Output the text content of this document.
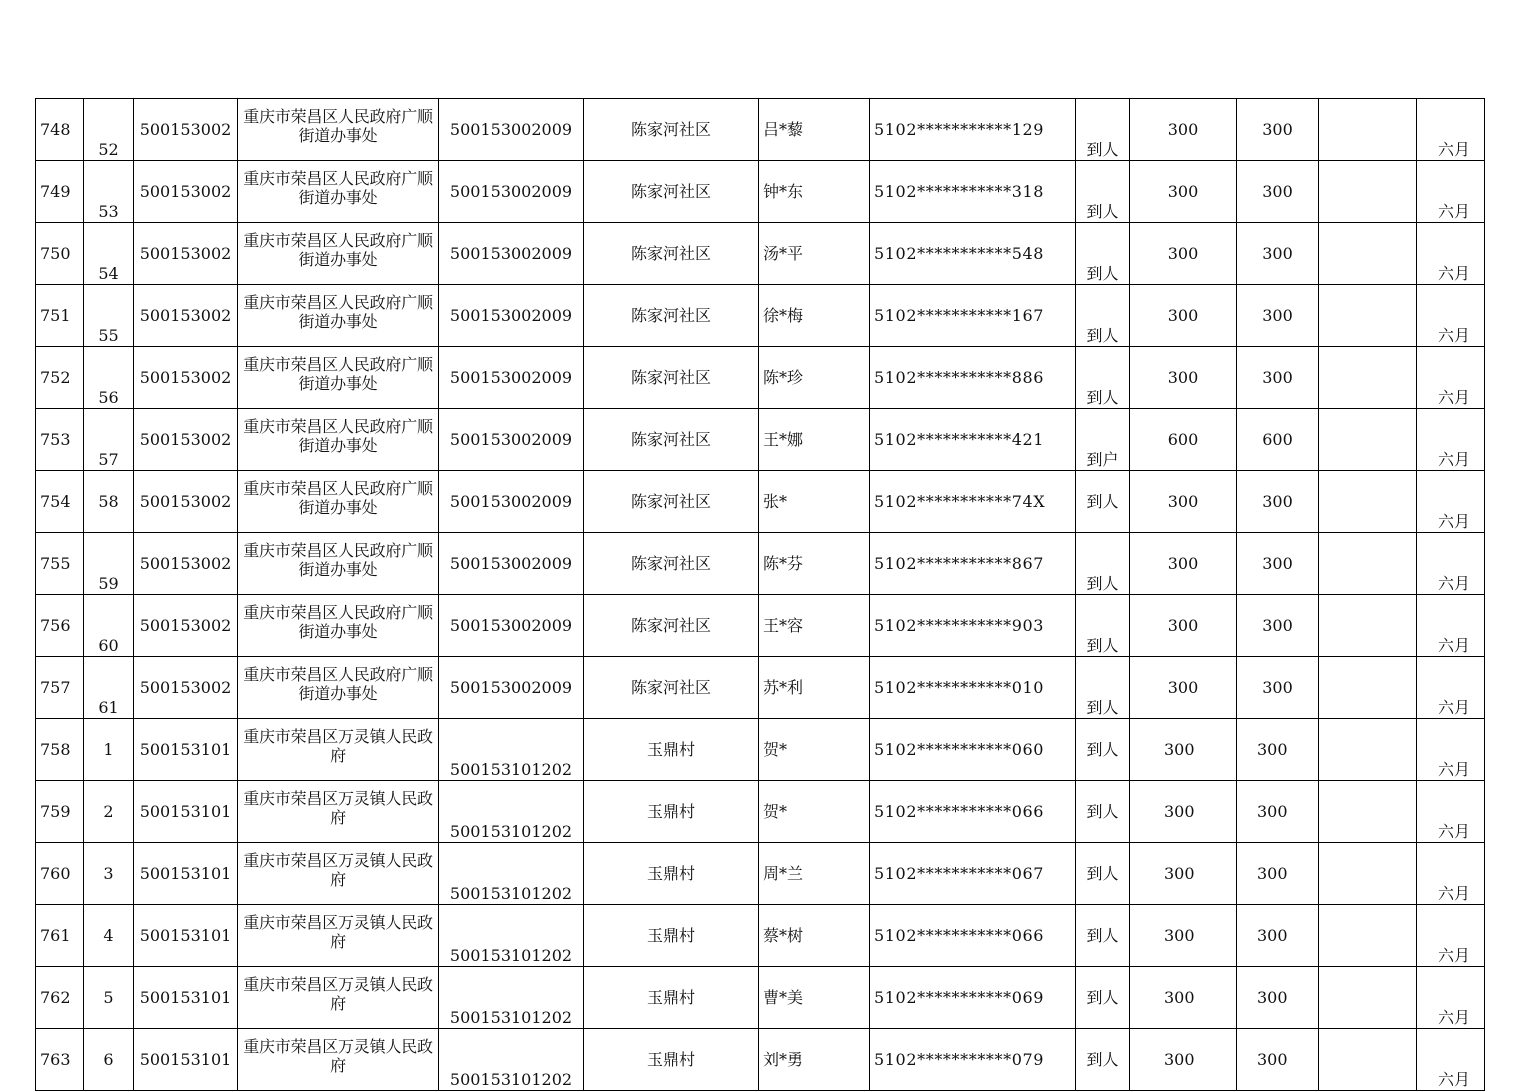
748	52	500153002	重庆市荣昌区人民政府广顺街道办事处	500153002009	陈家河社区	吕*藜	5102***********129	到人	300	300		六月
749	53	500153002	重庆市荣昌区人民政府广顺街道办事处	500153002009	陈家河社区	钟*东	5102***********318	到人	300	300		六月
750	54	500153002	重庆市荣昌区人民政府广顺街道办事处	500153002009	陈家河社区	汤*平	5102***********548	到人	300	300		六月
751	55	500153002	重庆市荣昌区人民政府广顺街道办事处	500153002009	陈家河社区	徐*梅	5102***********167	到人	300	300		六月
752	56	500153002	重庆市荣昌区人民政府广顺街道办事处	500153002009	陈家河社区	陈*珍	5102***********886	到人	300	300		六月
753	57	500153002	重庆市荣昌区人民政府广顺街道办事处	500153002009	陈家河社区	王*娜	5102***********421	到户	600	600		六月
754	58	500153002	重庆市荣昌区人民政府广顺街道办事处	500153002009	陈家河社区	张*	5102***********74X	到人	300	300		六月
755	59	500153002	重庆市荣昌区人民政府广顺街道办事处	500153002009	陈家河社区	陈*芬	5102***********867	到人	300	300		六月
756	60	500153002	重庆市荣昌区人民政府广顺街道办事处	500153002009	陈家河社区	王*容	5102***********903	到人	300	300		六月
757	61	500153002	重庆市荣昌区人民政府广顺街道办事处	500153002009	陈家河社区	苏*利	5102***********010	到人	300	300		六月
758	1	500153101	重庆市荣昌区万灵镇人民政府	500153101202	玉鼎村	贺*	5102***********060	到人	300	300		六月
759	2	500153101	重庆市荣昌区万灵镇人民政府	500153101202	玉鼎村	贺*	5102***********066	到人	300	300		六月
760	3	500153101	重庆市荣昌区万灵镇人民政府	500153101202	玉鼎村	周*兰	5102***********067	到人	300	300		六月
761	4	500153101	重庆市荣昌区万灵镇人民政府	500153101202	玉鼎村	蔡*树	5102***********066	到人	300	300		六月
762	5	500153101	重庆市荣昌区万灵镇人民政府	500153101202	玉鼎村	曹*美	5102***********069	到人	300	300		六月
763	6	500153101	重庆市荣昌区万灵镇人民政府	500153101202	玉鼎村	刘*勇	5102***********079	到人	300	300		六月
